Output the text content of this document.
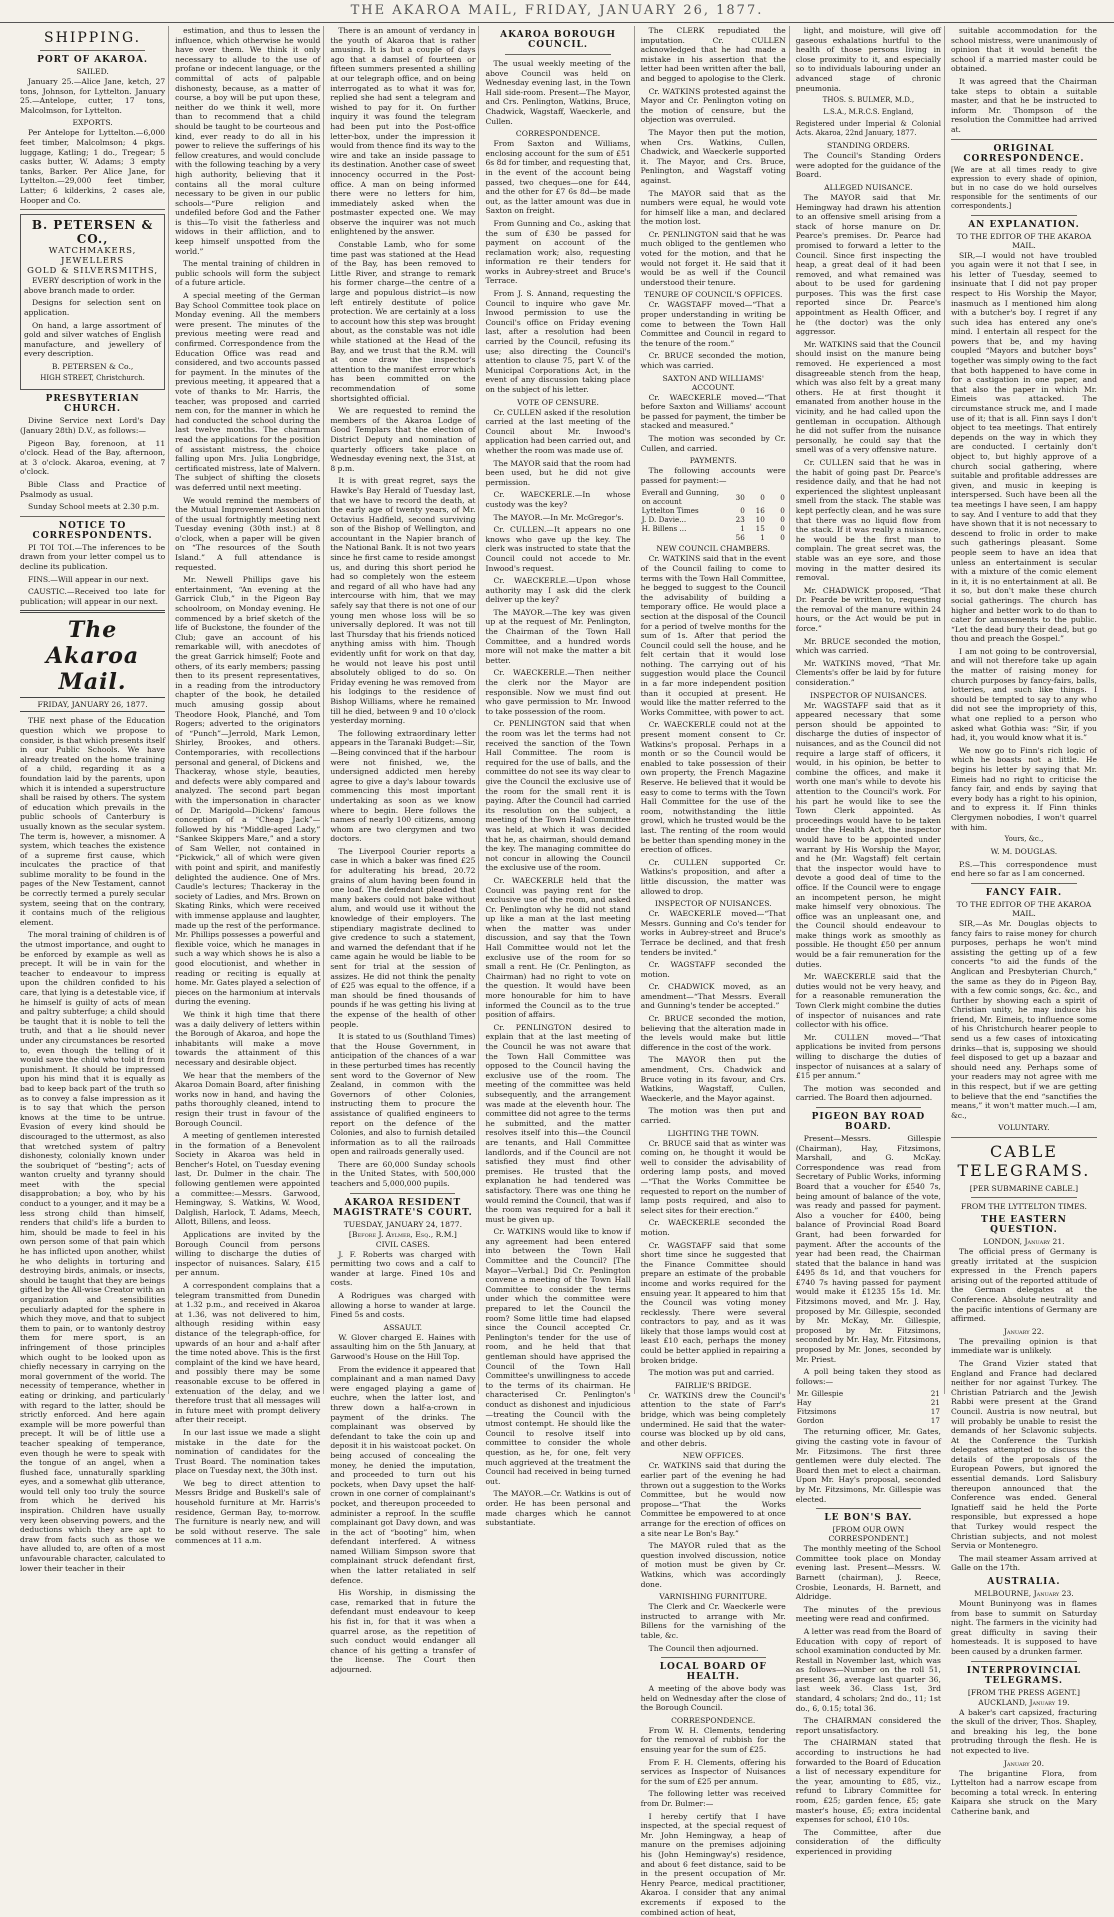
THE AKAROA MAIL, FRIDAY, JANUARY 26, 1877.
SHIPPING.
PORT OF AKAROA.
SAILED.

January 25.—Alice Jane, ketch, 27 tons, Johnson, for Lyttelton. January 25.—Antelope, cutter, 17 tons, Malcolmson, for Lyttelton.

EXPORTS.

Per Antelope for Lyttelton.—6,000 feet timber, Malcolmson; 4 pkgs. luggage, Katling; 1 do., Tregear; 5 casks butter, W. Adams; 3 empty tanks, Barker. Per Alice Jane, for Lyttelton.—29,000 feet timber, Latter; 6 kilderkins, 2 cases ale, Hooper and Co.

B. PETERSEN & CO.,
WATCHMAKERS, JEWELLERS
GOLD & SILVERSMITHS,

EVERY description of work in the above branch made to order.

Designs for selection sent on application.

On hand, a large assortment of gold and silver watches of English manufacture, and jewellery of every description.

B. PETERSEN & Co.,

HIGH STREET, Christchurch.

PRESBYTERIAN CHURCH.

Divine Service next Lord's Day (January 28th) D.V., as follows:—

Pigeon Bay, forenoon, at 11 o'clock. Head of the Bay, afternoon, at 3 o'clock. Akaroa, evening, at 7 o'clock.

Bible Class and Practice of Psalmody as usual.

Sunday School meets at 2.30 p.m.

NOTICE TO CORRESPONDENTS.

PI TOI TOI.—The inferences to be drawn from your letter compel us to decline its publication.

FINS.—Will appear in our next.

CAUSTIC.—Received too late for publication; will appear in our next.

The Akaroa Mail.
FRIDAY, JANUARY 26, 1877.

THE next phase of the Education question which we propose to consider, is that which presents itself in our Public Schools. We have already treated on the home training of a child, regarding it as a foundation laid by the parents, upon which it is intended a superstructure shall be raised by others. The system of education which prevails in the public schools of Canterbury is usually known as the secular system. The term is, however, a misnomer. A system, which teaches the existence of a supreme first cause, which inculcates the practice of that sublime morality to be found in the pages of the New Testament, cannot be correctly termed a purely secular system, seeing that on the contrary, it contains much of the religious element.

The moral training of children is of the utmost importance, and ought to be enforced by example as well as precept. It will be in vain for the teacher to endeavour to impress upon the children confided to his care, that lying is a detestable vice, if he himself is guilty of acts of mean and paltry subterfuge; a child should be taught that it is noble to tell the truth, and that a lie should never under any circumstances be resorted to, even though the telling of it would save the child who told it from punishment. It should be impressed upon his mind that it is equally as bad to keep back part of the truth so as to convey a false impression as it is to say that which the person knows at the time to be untrue. Evasion of every kind should be discouraged to the uttermost, as also that wretched system of paltry dishonesty, colonially known under the soubriquet of “besting”; acts of wanton cruelty and tyranny should meet with the special disapprobation; a boy, who by his conduct to a younger, and it may be a less strong child than himself, renders that child's life a burden to him, should be made to feel in his own person some of that pain which he has inflicted upon another, whilst he who delights in torturing and destroying birds, animals, or insects, should be taught that they are beings gifted by the All-wise Creator with an organization and sensibilities peculiarly adapted for the sphere in which they move, and that to subject them to pain, or to wantonly destroy them for mere sport, is an infringement of those principles which ought to be looked upon as chiefly necessary in carrying on the moral government of the world. The necessity of temperance, whether in eating or drinking, and particularly with regard to the latter, should be strictly enforced. And here again example will be more powerful than precept. It will be of little use a teacher speaking of temperance, even though he were to speak with the tongue of an angel, when a flushed face, unnaturally sparkling eyes, and a somewhat glib utterance, would tell only too truly the source from which he derived his inspiration. Children have usually very keen observing powers, and the deductions which they are apt to draw from facts such as those we have alluded to, are often of a most unfavourable character, calculated to lower their teacher in their

estimation, and thus to lessen the influence, which otherwise he would have over them. We think it only necessary to allude to the use of profane or indecent language, or the committal of acts of palpable dishonesty, because, as a matter of course, a boy will be put upon these, neither do we think it well, more than to recommend that a child should be taught to be courteous and kind, ever ready to do all in his power to relieve the sufferings of his fellow creatures, and would conclude with the following teaching by a very high authority, believing that it contains all the moral culture necessary to be given in our public schools—“Pure religion and undefiled before God and the Father is this—To visit the fatherless and widows in their affliction, and to keep himself unspotted from the world.”

The mental training of children in public schools will form the subject of a future article.

A special meeting of the German Bay School Committee took place on Monday evening. All the members were present. The minutes of the previous meeting were read and confirmed. Correspondence from the Education Office was read and considered, and two accounts passed for payment. In the minutes of the previous meeting, it appeared that a vote of thanks to Mr. Harris, the teacher, was proposed and carried nem con, for the manner in which he had conducted the school during the last twelve months. The chairman read the applications for the position of assistant mistress, the choice falling upon Mrs. Julia Longbridge, certificated mistress, late of Malvern. The subject of shifting the closets was deferred until next meeting.

We would remind the members of the Mutual Improvement Association of the usual fortnightly meeting next Tuesday evening (30th inst.) at 8 o'clock, when a paper will be given on “The resources of the South Island.” A full attendance is requested.

Mr. Newell Phillips gave his entertainment, “An evening at the Garrick Club,” in the Pigeon Bay schoolroom, on Monday evening. He commenced by a brief sketch of the life of Buckstone, the founder of the Club; gave an account of his remarkable will, with anecdotes of the great Garrick himself; Foote and others, of its early members; passing then to its present representatives, in a reading from the introductory chapter of the book, he detailed much amusing gossip about Theodore Hook, Planché, and Tom Rogers; adverted to the originators of “Punch”—Jerrold, Mark Lemon, Shirley, Brookes, and others. Contemporaries, with recollections personal and general, of Dickens and Thackeray, whose style, beauties, and defects were ably compared and analyzed. The second part began with the impersonation in character of Dr. Marigold—Dickens' famous conception of a “Cheap Jack”—followed by his “Middle-aged Lady,” “Sankee Skippers Mare,” and a story of Sam Weller, not contained in “Pickwick,” all of which were given with point and spirit, and manifestly delighted the audience. One of Mrs. Caudle's lectures; Thackeray in the society of Ladies, and Mrs. Brown on Skating Rinks, which were received with immense applause and laughter, made up the rest of the performance. Mr. Phillips possesses a powerful and flexible voice, which he manages in such a way which shows he is also a good elocutionist, and whether in reading or reciting is equally at home. Mr. Gates played a selection of pieces on the harmonium at intervals during the evening.

We think it high time that there was a daily delivery of letters within the Borough of Akaroa, and hope the inhabitants will make a move towards the attainment of this necessary and desirable object.

We hear that the members of the Akaroa Domain Board, after finishing works now in hand, and having the paths thoroughly cleaned, intend to resign their trust in favour of the Borough Council.

A meeting of gentlemen interested in the formation of a Benevolent Society in Akaroa was held in Bencher's Hotel, on Tuesday evening last, Dr. Dulmer in the chair. The following gentlemen were appointed a committee:—Messrs. Garwood, Hemingway, S. Watkins, W. Wood, Dalglish, Harlock, T. Adams, Meech, Allott, Billens, and Ieoss.

Applications are invited by the Borough Council from persons willing to discharge the duties of inspector of nuisances. Salary, £15 per annum.

A correspondent complains that a telegram transmitted from Dunedin at 1.32 p.m., and received in Akaroa at 1.36, was not delivered to him, although residing within easy distance of the telegraph-office, for upwards of an hour and a-half after the time noted above. This is the first complaint of the kind we have heard, and possibly there may be some reasonable excuse to be offered in extenuation of the delay, and we therefore trust that all messages will in future meet with prompt delivery after their receipt.

In our last issue we made a slight mistake in the date for the nomination of candidates for the Trust Board. The nomination takes place on Tuesday next, the 30th inst.

We beg to direct attention to Messrs Bridge and Buskell's sale of household furniture at Mr. Harris's residence, German Bay, to-morrow. The furniture is nearly new, and will be sold without reserve. The sale commences at 11 a.m.

There is an amount of verdancy in the youth of Akaroa that is rather amusing. It is but a couple of days ago that a damsel of fourteen or fifteen summers presented a shilling at our telegraph office, and on being interrogated as to what it was for, replied she had sent a telegram and wished to pay for it. On further inquiry it was found the telegram had been put into the Post-office letter-box, under the impression it would from thence find its way to the wire and take an inside passage to its destination. Another case of sweet innocency occurred in the Post-office. A man on being informed there were no letters for him, immediately asked when the postmaster expected one. We may observe the inquirer was not much enlightened by the answer.

Constable Lamb, who for some time past was stationed at the Head of the Bay, has been removed to Little River, and strange to remark his former charge—the centre of a large and populous district—is now left entirely destitute of police protection. We are certainly at a loss to account how this step was brought about, as the constable was not idle while stationed at the Head of the Bay, and we trust that the R.M. will at once draw the inspector's attention to the manifest error which has been committed on the recommendation of some shortsighted official.

We are requested to remind the members of the Akaroa Lodge of Good Templars that the election of District Deputy and nomination of quarterly officers take place on Wednesday evening next, the 31st, at 8 p.m.

It is with great regret, says the Hawke's Bay Herald of Tuesday last, that we have to record the death, at the early age of twenty years, of Mr. Octavius Hadfield, second surviving son of the Bishop of Wellington, and accountant in the Napier branch of the National Bank. It is not two years since he first came to reside amongst us, and during this short period he had so completely won the esteem and regard of all who have had any intercourse with him, that we may safely say that there is not one of our young men whose loss will be so universally deplored. It was not till last Thursday that his friends noticed anything amiss with him. Though evidently unfit for work on that day, he would not leave his post until absolutely obliged to do so. On Friday evening he was removed from his lodgings to the residence of Bishop Williams, where he remained till he died, between 9 and 10 o'clock yesterday morning.

The following extraordinary letter appears in the Taranaki Budget:—Sir,—Being convinced that if the harbour were not finished, we, the undersigned addicted men hereby agree to give a day's labour towards commencing this most important undertaking as soon as we know where to begin. Here follows the names of nearly 100 citizens, among whom are two clergymen and two doctors.

The Liverpool Courier reports a case in which a baker was fined £25 for adulterating his bread, 20.72 grains of alum having been found in one loaf. The defendant pleaded that many bakers could not bake without alum, and would use it without the knowledge of their employers. The stipendiary magistrate declined to give credence to such a statement, and warned the defendant that if he came again he would be liable to be sent for trial at the session of assizes. He did not think the penalty of £25 was equal to the offence, if a man should be fined thousands of pounds if he was getting his living at the expense of the health of other people.

It is stated to us (Southland Times) that the House Government, in anticipation of the chances of a war in these perturbed times has recently sent word to the Governor of New Zealand, in common with the Governors of other Colonies, instructing them to procure the assistance of qualified engineers to report on the defence of the Colonies, and also to furnish detailed information as to all the railroads open and railroads generally used.

There are 60,000 Sunday schools in the United States, with 500,000 teachers and 5,000,000 pupils.

AKAROA RESIDENT MAGISTRATE'S COURT.
TUESDAY, JANUARY 24, 1877.
[Before J. Aylmer, Esq., R.M.]
CIVIL CASES.

J. F. Roberts was charged with permitting two cows and a calf to wander at large. Fined 10s and costs.

A Rodrigues was charged with allowing a horse to wander at large. Fined 5s and costs.

ASSAULT.

W. Glover charged E. Haines with assaulting him on the 5th January, at Garwood's House on the Hill Top.

From the evidence it appeared that complainant and a man named Davy were engaged playing a game of euchre, when the latter lost, and threw down a half-a-crown in payment of the drinks. The complainant was observed by defendant to take the coin up and deposit it in his waistcoat pocket. On being accused of concealing the money, he denied the imputation, and proceeded to turn out his pockets, when Davy upset the half-crown in one corner of complainant's pocket, and thereupon proceeded to administer a reproof. In the scuffle complainant got Davy down, and was in the act of “booting” him, when defendant interfered. A witness named William Simpson swore that complainant struck defendant first, when the latter retaliated in self defence.

His Worship, in dismissing the case, remarked that in future the defendant must endeavour to keep his fist in, for that it was when a quarrel arose, as the repetition of such conduct would endanger all chance of his getting a transfer of the license. The Court then adjourned.

AKAROA BOROUGH COUNCIL.

The usual weekly meeting of the above Council was held on Wednesday evening last, in the Town Hall side-room. Present—The Mayor, and Crs. Penlington, Watkins, Bruce, Chadwick, Wagstaff, Waeckerle, and Cullen.

CORRESPONDENCE.

From Saxton and Williams, enclosing account for the sum of £51 6s 8d for timber, and requesting that, in the event of the account being passed, two cheques—one for £44, and the other for £7 6s 8d—be made out, as the latter amount was due in Saxton on freight.

From Gunning and Co., asking that the sum of £30 be passed for payment on account of the reclamation work; also, requesting information re their tenders for works in Aubrey-street and Bruce's Terrace.

From J. S. Annand, requesting the Council to inquire who gave Mr. Inwood permission to use the Council's office on Friday evening last, after a resolution had been carried by the Council, refusing its use; also directing the Council's attention to clause 75, part V. of the Municipal Corporations Act, in the event of any discussion taking place on the subject of his letter.

VOTE OF CENSURE.

Cr. CULLEN asked if the resolution carried at the last meeting of the Council about Mr. Inwood's application had been carried out, and whether the room was made use of.

The MAYOR said that the room had been used, but he did not give permission.

Cr. WAECKERLE.—In whose custody was the key?

The MAYOR.—In Mr. McGregor's.

Cr. CULLEN.—It appears no one knows who gave up the key. The clerk was instructed to state that the Council could not accede to Mr. Inwood's request.

Cr. WAECKERLE.—Upon whose authority may I ask did the clerk deliver up the key?

The MAYOR.—The key was given up at the request of Mr. Penlington, the Chairman of the Town Hall Committee, and a hundred words more will not make the matter a bit better.

Cr. WAECKERLE.—Then neither the clerk nor the Mayor are responsible. Now we must find out who gave permission to Mr. Inwood to take possession of the room.

Cr. PENLINGTON said that when the room was let the terms had not received the sanction of the Town Hall Committee. The room is required for the use of balls, and the committee do not see its way clear to give the Council the exclusive use of the room for the small rent it is paying. After the Council had carried its resolution on the subject, a meeting of the Town Hall Committee was held, at which it was decided that he, as chairman, should demand the key. The managing committee do not concur in allowing the Council the exclusive use of the room.

Cr. WAECKERLE held that the Council was paying rent for the exclusive use of the room, and asked Cr. Penlington why he did not stand up like a man at the last meeting when the matter was under discussion, and say that the Town Hall Committee would not let the exclusive use of the room for so small a rent. He (Cr. Penlington, as Chairman) had no right to vote on the question. It would have been more honourable for him to have informed the Council as to the true position of affairs.

Cr. PENLINGTON desired to explain that at the last meeting of the Council he was not aware that the Town Hall Committee was opposed to the Council having the exclusive use of the room. The meeting of the committee was held subsequently, and the arrangement was made at the eleventh hour. The committee did not agree to the terms he submitted, and the matter resolves itself into this—the Council are tenants, and Hall Committee landlords, and if the Council are not satisfied they must find other premises. He trusted that the explanation he had tendered was satisfactory. There was one thing he would remind the Council, that was if the room was required for a ball it must be given up.

Cr. WATKINS would like to know if any agreement had been entered into between the Town Hall Committee and the Council? [The Mayor—Verbal.] Did Cr. Penlington convene a meeting of the Town Hall Committee to consider the terms under which the committee were prepared to let the Council the room? Some little time had elapsed since the Council accepted Cr. Penlington's tender for the use of room, and he held that that gentleman should have apprised the Council of the Town Hall Committee's unwillingness to accede to the terms of its chairman. He characterised Cr. Penlington's conduct as dishonest and injudicious—treating the Council with the utmost contempt. He should like the Council to resolve itself into committee to consider the whole question, as he, for one, felt very much aggrieved at the treatment the Council had received in being turned out.

The MAYOR.—Cr. Watkins is out of order. He has been personal and made charges which he cannot substantiate.

The CLERK repudiated the imputation. Cr. CULLEN acknowledged that he had made a mistake in his assertion that the letter had been written after the ball, and begged to apologise to the Clerk.

Cr. WATKINS protested against the Mayor and Cr. Penlington voting on the motion of censure, but the objection was overruled.

The Mayor then put the motion, when Crs. Watkins, Cullen, Chadwick, and Waeckerle supported it. The Mayor, and Crs. Bruce, Penlington, and Wagstaff voting against.

The MAYOR said that as the numbers were equal, he would vote for himself like a man, and declared the motion lost.

Cr. PENLINGTON said that he was much obliged to the gentlemen who voted for the motion, and that he would not forget it. He said that it would be as well if the Council understood their tenure.

TENURE OF COUNCIL'S OFFICES.

Cr. WAGSTAFF moved—“That a proper understanding in writing be come to between the Town Hall Committee and Council in regard to the tenure of the room.”

Cr. BRUCE seconded the motion, which was carried.

SAXTON AND WILLIAMS' ACCOUNT.

Cr. WAECKERLE moved—“That before Saxton and Williams' account be passed for payment, the timber be stacked and measured.”

The motion was seconded by Cr. Cullen, and carried.

PAYMENTS.

The following accounts were passed for payment:—

Everall and Gunning, on account	30	0	0
Lyttelton Times	0	16	0
J. D. Davie...	23	10	0
H. Billens ...	1	15	0
	56	1	0
NEW COUNCIL CHAMBERS.

Cr. WATKINS said that in the event of the Council failing to come to terms with the Town Hall Committee, he begged to suggest to the Council the advisability of building a temporary office. He would place a section at the disposal of the Council for a period of twelve months for the sum of 1s. After that period the Council could sell the house, and he felt certain that it would lose nothing. The carrying out of his suggestion would place the Council in a far more independent position than it occupied at present. He would like the matter referred to the Works Committee, with power to act.

Cr. WAECKERLE could not at the present moment consent to Cr. Watkins's proposal. Perhaps in a month or so the Council would be enabled to take possession of their own property, the French Magazine Reserve. He believed that it would be easy to come to terms with the Town Hall Committee for the use of the room, notwithstanding the little growl, which he trusted would be the last. The renting of the room would be better than spending money in the erection of offices.

Cr. CULLEN supported Cr. Watkins's proposition, and after a little discussion, the matter was allowed to drop.

INSPECTOR OF NUISANCES.

Cr. WAECKERLE moved—“That Messrs. Gunning and Co's tender for works in Aubrey-street and Bruce's Terrace be declined, and that fresh tenders be invited.”

Cr. WAGSTAFF seconded the motion.

Cr. CHADWICK moved, as an amendment—“That Messrs. Everall and Gunning's tender be accepted.”

Cr. BRUCE seconded the motion, believing that the alteration made in the levels would make but little difference in the cost of the work.

The MAYOR then put the amendment, Crs. Chadwick and Bruce voting in its favour, and Crs. Watkins, Wagstaff, Cullen, Waeckerle, and the Mayor against.

The motion was then put and carried.

LIGHTING THE TOWN.

Cr. BRUCE said that as winter was coming on, he thought it would be well to consider the advisability of ordering lamp posts, and moved—“That the Works Committee be requested to report on the number of lamp posts required, and also to select sites for their erection.”

Cr. WAECKERLE seconded the motion.

Cr. WAGSTAFF said that some short time since he suggested that the Finance Committee should prepare an estimate of the probable income and works required for the ensuing year. It appeared to him that the Council was voting money recklessly. There were several contractors to pay, and as it was likely that those lamps would cost at least £10 each, perhaps the money could be better applied in repairing a broken bridge.

The motion was put and carried.

FAIRLIE'S BRIDGE.

Cr. WATKINS drew the Council's attention to the state of Farr's bridge, which was being completely undermined. He said that the water-course was blocked up by old cans, and other debris.

NEW OFFICES.

Cr. WATKINS said that during the earlier part of the evening he had thrown out a suggestion to the Works Committee, but he would now propose—“That the Works Committee be empowered to at once arrange for the erection of offices on a site near Le Bon's Bay.”

The MAYOR ruled that as the question involved discussion, notice of motion must be given by Cr. Watkins, which was accordingly done.

VARNISHING FURNITURE.

The Clerk and Cr. Waeckerle were instructed to arrange with Mr. Billens for the varnishing of the table, &c.

The Council then adjourned.

LOCAL BOARD OF HEALTH.

A meeting of the above body was held on Wednesday after the close of the Borough Council.

CORRESPONDENCE.

From W. H. Clements, tendering for the removal of rubbish for the ensuing year for the sum of £25.

From F. H. Clements, offering his services as Inspector of Nuisances for the sum of £25 per annum.

The following letter was received from Dr. Bulmer:—

I hereby certify that I have inspected, at the special request of Mr. John Hemingway, a heap of manure on the premises adjoining his (John Hemingway's) residence, and about 6 feet distance, said to be in the present occupation of Mr. Henry Pearce, medical practitioner, Akaroa. I consider that any animal excrements if exposed to the combined action of heat,

light, and moisture, will give off gaseous exhalations hurtful to the health of those persons living in close proximity to it, and especially so to individuals labouring under an advanced stage of chronic pneumonia.

THOS. S. BULMER, M.D.,

L.S.A., M.R.C.S. England,

Registered under Imperial & Colonial Acts. Akaroa, 22nd January, 1877.

STANDING ORDERS.

The Council's Standing Orders were adopted for the guidance of the Board.

ALLEGED NUISANCE.

The MAYOR said that Mr. Hemingway had drawn his attention to an offensive smell arising from a stack of horse manure on Dr. Pearce's premises. Dr. Pearce had promised to forward a letter to the Council. Since first inspecting the heap, a great deal of it had been removed, and what remained was about to be used for gardening purposes. This was the first case reported since Dr. Pearce's appointment as Health Officer, and he (the doctor) was the only aggressor.

Mr. WATKINS said that the Council should insist on the manure being removed. He experienced a most disagreeable stench from the heap, which was also felt by a great many others. He at first thought it emanated from another house in the vicinity, and he had called upon the gentleman in occupation. Although he did not suffer from the nuisance personally, he could say that the smell was of a very offensive nature.

Cr. CULLEN said that he was in the habit of going past Dr. Pearce's residence daily, and that he had not experienced the slightest unpleasant smell from the stack. The stable was kept perfectly clean, and he was sure that there was no liquid flow from the stack. If it was really a nuisance, he would be the first man to complain. The great secret was, the stable was an eye sore, and those moving in the matter desired its removal.

Mr. CHADWICK proposed, “That Dr. Pearde be written to, requesting the removal of the manure within 24 hours, or the Act would be put in force.”

Mr. BRUCE seconded the motion, which was carried.

Mr. WATKINS moved, “That Mr. Clements's offer be laid by for future consideration.”

INSPECTOR OF NUISANCES.

Mr. WAGSTAFF said that as it appeared necessary that some person should be appointed to discharge the duties of inspector of nuisances, and as the Council did not require a large staff of officers, it would, in his opinion, be better to combine the offices, and make it worth one man's while to devote his attention to the Council's work. For his part he would like to see the Town Clerk appointed. As proceedings would have to be taken under the Health Act, the inspector would have to be appointed under warrant by His Worship the Mayor, and he (Mr. Wagstaff) felt certain that the inspector would have to devote a good deal of time to the office. If the Council were to engage an incompetent person, he might make himself very obnoxious. The office was an unpleasant one, and the Council should endeavour to make things work as smoothly as possible. He thought £50 per annum would be a fair remuneration for the duties.

Mr. WAECKERLE said that the duties would not be very heavy, and for a reasonable remuneration the Town Clerk might combine the duties of inspector of nuisances and rate collector with his office.

Mr. CULLEN moved—“That applications be invited from persons willing to discharge the duties of inspector of nuisances at a salary of £15 per annum.”

The motion was seconded and carried. The Board then adjourned.

PIGEON BAY ROAD BOARD.

Present—Messrs. Gillespie (Chairman), Hay, Fitzsimons, Marshall, and G. McKay. Correspondence was read from Secretary of Public Works, informing Board that a voucher for £540 7s, being amount of balance of the vote, was ready and passed for payment. Also a voucher for £400, being balance of Provincial Road Board Grant, had been forwarded for payment. After the accounts of the year had been read, the Chairman stated that the balance in hand was £495 8s 1d, and that vouchers for £740 7s having passed for payment would make it £1235 15s 1d. Mr. Fitzsimons moved, and Mr. J. Hay, proposed by Mr. Gillespie, seconded by Mr. McKay, Mr. Gillespie, proposed by Mr. Fitzsimons, seconded by Mr. Hay, Mr. Fitzsimons, proposed by Mr. Jones, seconded by Mr. Priest.

A poll being taken they stood as follows:—

Mr. Gillespie	21
Hay	21
Fitzsimons	17
Gordon	17

The returning officer, Mr. Gates, giving the casting vote in favour of Mr. Fitzsimons. The first three gentlemen were duly elected. The Board then met to elect a chairman. Upon Mr. Hay's proposal, seconded by Mr. Fitzsimons, Mr. Gillespie was elected.

LE BON'S BAY.
[FROM OUR OWN CORRESPONDENT.]

The monthly meeting of the School Committee took place on Monday evening last. Present—Messrs. W. Barnett (chairman), J. Reece, Crosbie, Leonards, H. Barnett, and Aldridge.

The minutes of the previous meeting were read and confirmed.

A letter was read from the Board of Education with copy of report of school examination conducted by Mr. Restall in November last, which was as follows—Number on the roll 51, present 36, average last quarter 36, last week 36. Class 1st, 3rd standard, 4 scholars; 2nd do., 11; 1st do., 6, 0.15; total 36.

The CHAIRMAN considered the report unsatisfactory.

The CHAIRMAN stated that according to instructions he had forwarded to the Board of Education a list of necessary expenditure for the year, amounting to £85, viz., refund to Library Committee for room, £25; garden fence, £5; gate master's house, £5; extra incidental expenses for school, £10 10s.

The Committee, after due consideration of the difficulty experienced in providing

suitable accommodation for the school mistress, were unanimously of opinion that it would benefit the school if a married master could be obtained.

It was agreed that the Chairman take steps to obtain a suitable master, and that he be instructed to inform Mr. Thompson of the resolution the Committee had arrived at.

ORIGINAL CORRESPONDENCE.

[We are at all times ready to give expression to every shade of opinion, but in no case do we hold ourselves responsible for the sentiments of our correspondents.]

AN EXPLANATION.
TO THE EDITOR OF THE AKAROA MAIL.

SIR,—I would not have troubled you again were it not that I see, in his letter of Tuesday, seemed to insinuate that I did not pay proper respect to His Worship the Mayor, inasmuch as I mentioned him along with a butcher's boy. I regret if any such idea has entered any one's mind. I entertain all respect for the powers that be, and my having coupled “Mayors and butcher boys” together was simply owing to the fact that both happened to have come in for a castigation in one paper, and that also the paper in which Mr. Eimeis was attacked. The circumstance struck me, and I made use of it; that is all. Finn says I don't object to tea meetings. That entirely depends on the way in which they are conducted. I certainly don't object to, but highly approve of a church social gathering, where suitable and profitable addresses are given, and music in keeping is interspersed. Such have been all the tea meetings I have seen, I am happy to say. And I venture to add that they have shown that it is not necessary to descend to frolic in order to make such gatherings pleasant. Some people seem to have an idea that unless an entertainment is secular with a mixture of the comic element in it, it is no entertainment at all. Be it so, but don't make these church social gatherings. The church has higher and better work to do than to cater for amusements to the public. “Let the dead bury their dead, but go thou and preach the Gospel.”

I am not going to be controversial, and will not therefore take up again the matter of raising money for church purposes by fancy-fairs, balls, lotteries, and such like things. I should be tempted to say to any who did not see the impropriety of this, what one replied to a person who asked what Gothia was: “Sir, if you had, it, you would know what it is.”

We now go to Finn's rich logic of which he boasts not a little. He begins his letter by saying that Mr. Eimeis had no right to criticise the fancy fair, and ends by saying that every body has a right to his opinion, and to express it. If Finn thinks Clergymen nobodies, I won't quarrel with him.

Yours, &c.,

W. M. DOUGLAS.

P.S.—This correspondence must end here so far as I am concerned.

FANCY FAIR.
TO THE EDITOR OF THE AKAROA MAIL.

SIR,—As Mr. Douglas objects to fancy fairs to raise money for church purposes, perhaps he won't mind assisting the getting up of a few concerts “to aid the funds of the Anglican and Presbyterian Church,” the same as they do in Pigeon Bay, with a few comic songs, &c. &c., and further by showing each a spirit of Christian unity, he may induce his friend, Mr. Eimeis, to influence some of his Christchurch hearer people to send us a few cases of intoxicating drinks—that is, supposing we should feel disposed to get up a bazaar and should need any. Perhaps some of your readers may not agree with me in this respect, but if we are getting to believe that the end “sanctifies the means,” it won't matter much.—I am, &c.,

VOLUNTARY.

CABLE TELEGRAMS.
[PER SUBMARINE CABLE.]
FROM THE LYTTELTON TIMES.
THE EASTERN QUESTION.
LONDON, January 21.

The official press of Germany is greatly irritated at the suspicion expressed in the French papers arising out of the reported attitude of the German delegates at the Conference. Absolute neutrality and the pacific intentions of Germany are affirmed.

January 22.

The prevailing opinion is that immediate war is unlikely.

The Grand Vizier stated that England and France had declared neither for nor against Turkey. The Christian Patriarch and the Jewish Rabbi were present at the Grand Council. Austria is now neutral, but will probably be unable to resist the demands of her Sclavonic subjects. At the Conference the Turkish delegates attempted to discuss the details of the proposals of the European Powers, but ignored the essential demands. Lord Salisbury thereupon announced that the Conference was ended. General Ignatieff said he held the Porte responsible, but expressed a hope that Turkey would respect the Christian subjects, and not molest Servia or Montenegro.

The mail steamer Assam arrived at Galle on the 17th.

AUSTRALIA.
MELBOURNE, January 23.

Mount Buninyong was in flames from base to summit on Saturday night. The farmers in the vicinity had great difficulty in saving their homesteads. It is supposed to have been caused by a drunken farmer.

INTERPROVINCIAL TELEGRAMS.
[FROM THE PRESS AGENT.]
AUCKLAND, January 19.

A baker's cart capsized, fracturing the skull of the driver, Thos. Shapley, and breaking his leg, the bone protruding through the flesh. He is not expected to live.

January 20.

The brigantine Flora, from Lyttelton had a narrow escape from becoming a total wreck. In entering Kaipara she struck on the Mary Catherine bank, and
